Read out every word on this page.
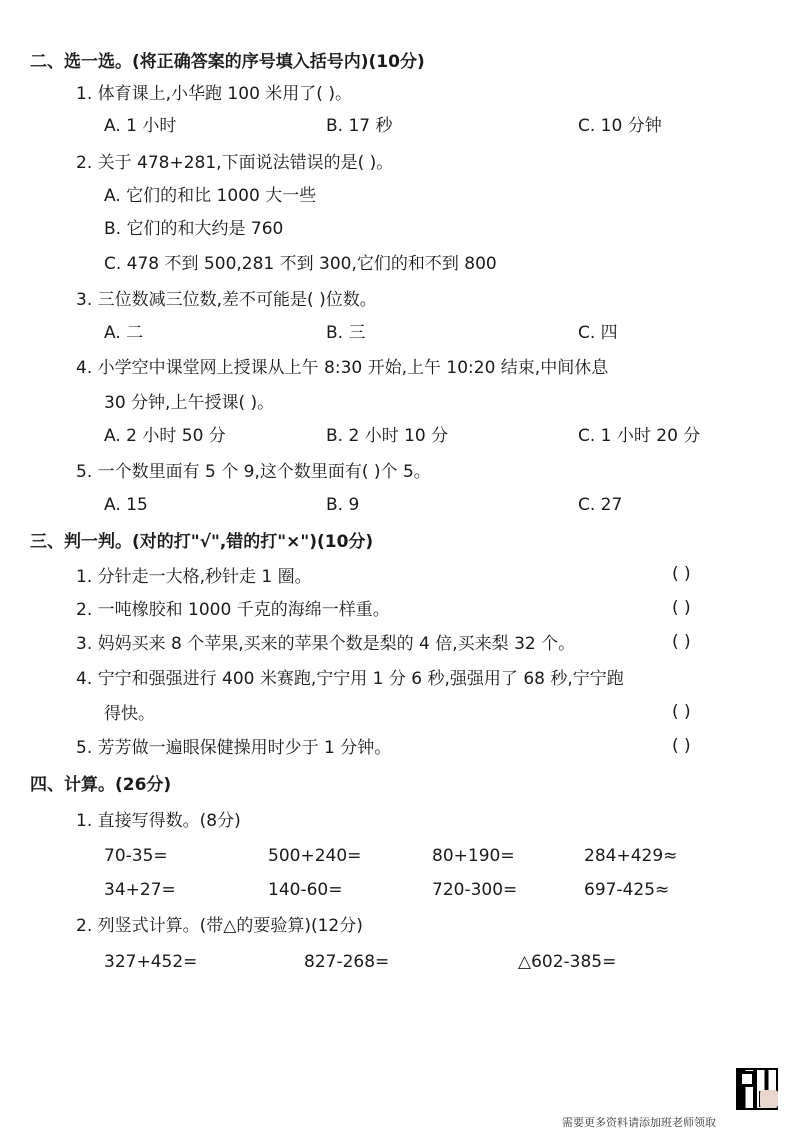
二、选一选。(将正确答案的序号填入括号内)(10分)
1. 体育课上,小华跑 100 米用了( )。
A. 1 小时	B. 17 秒	C. 10 分钟
2. 关于 478+281,下面说法错误的是( )。
A. 它们的和比 1000 大一些
B. 它们的和大约是 760
C. 478 不到 500,281 不到 300,它们的和不到 800
3. 三位数减三位数,差不可能是( )位数。
A. 二	B. 三	C. 四
4. 小学空中课堂网上授课从上午 8:30 开始,上午 10:20 结束,中间休息
30 分钟,上午授课( )。
A. 2 小时 50 分	B. 2 小时 10 分	C. 1 小时 20 分
5. 一个数里面有 5 个 9,这个数里面有( )个 5。
A. 15	B. 9	C. 27
三、判一判。(对的打"√",错的打"×")(10分)
1. 分针走一大格,秒针走 1 圈。	( )
2. 一吨橡胶和 1000 千克的海绵一样重。	( )
3. 妈妈买来 8 个苹果,买来的苹果个数是梨的 4 倍,买来梨 32 个。	( )
4. 宁宁和强强进行 400 米赛跑,宁宁用 1 分 6 秒,强强用了 68 秒,宁宁跑
得快。	( )
5. 芳芳做一遍眼保健操用时少于 1 分钟。	( )
四、计算。(26分)
1. 直接写得数。(8分)
70-35=	500+240=	80+190=	284+429≈
34+27=	140-60=	720-300=	697-425≈
2. 列竖式计算。(带△的要验算)(12分)
327+452=	827-268=	△602-385=
需要更多资料请添加班老师领取
